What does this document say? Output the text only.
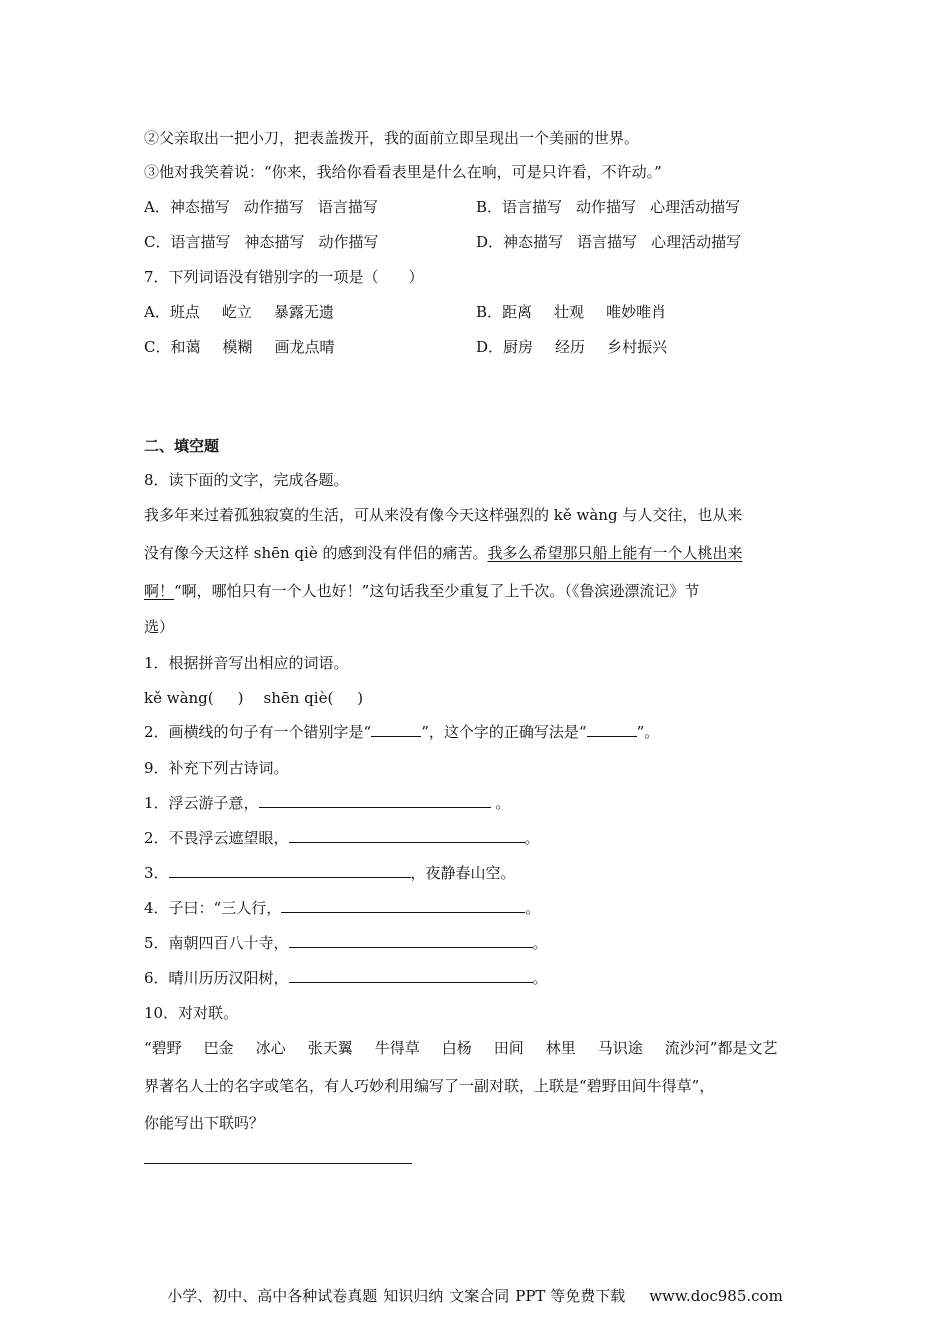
②父亲取出一把小刀，把表盖拨开，我的面前立即呈现出一个美丽的世界。
③他对我笑着说：“你来，我给你看看表里是什么在响，可是只许看，不许动。”
A．神态描写 动作描写 语言描写	B．语言描写 动作描写 心理活动描写
C．语言描写 神态描写 动作描写	D．神态描写 语言描写 心理活动描写
7．下列词语没有错别字的一项是（　　）
A．班点 屹立 暴露无遗	B．距离 壮观 唯妙唯肖
C．和蔼 模糊 画龙点晴	D．厨房 经历 乡村振兴
二、填空题
8．读下面的文字，完成各题。
我多年来过着孤独寂寞的生活，可从来没有像今天这样强烈的 kě wàng 与人交往，也从来
没有像今天这样 shēn qiè 的感到没有伴侣的痛苦。我多么希望那只船上能有一个人桃出来
啊！“啊，哪怕只有一个人也好！”这句话我至少重复了上千次。（《鲁滨逊漂流记》节
选）
1．根据拼音写出相应的词语。
kě wàng( ) shēn qiè( )
2．画横线的句子有一个错别字是“	”，这个字的正确写法是“	”。
9．补充下列古诗词。
1．浮云游子意，	。
2．不畏浮云遮望眼，	。
3．	，夜静春山空。
4．子曰：“三人行，	。
5．南朝四百八十寺，	。
6．晴川历历汉阳树，	。
10．对对联。
“碧野 巴金 冰心 张天翼 牛得草 白杨 田间 林里 马识途 流沙河”都是文艺
界著名人士的名字或笔名，有人巧妙利用编写了一副对联，上联是“碧野田间牛得草”，
你能写出下联吗？
小学、初中、高中各种试卷真题 知识归纳 文案合同 PPT 等免费下载 www.doc985.com
